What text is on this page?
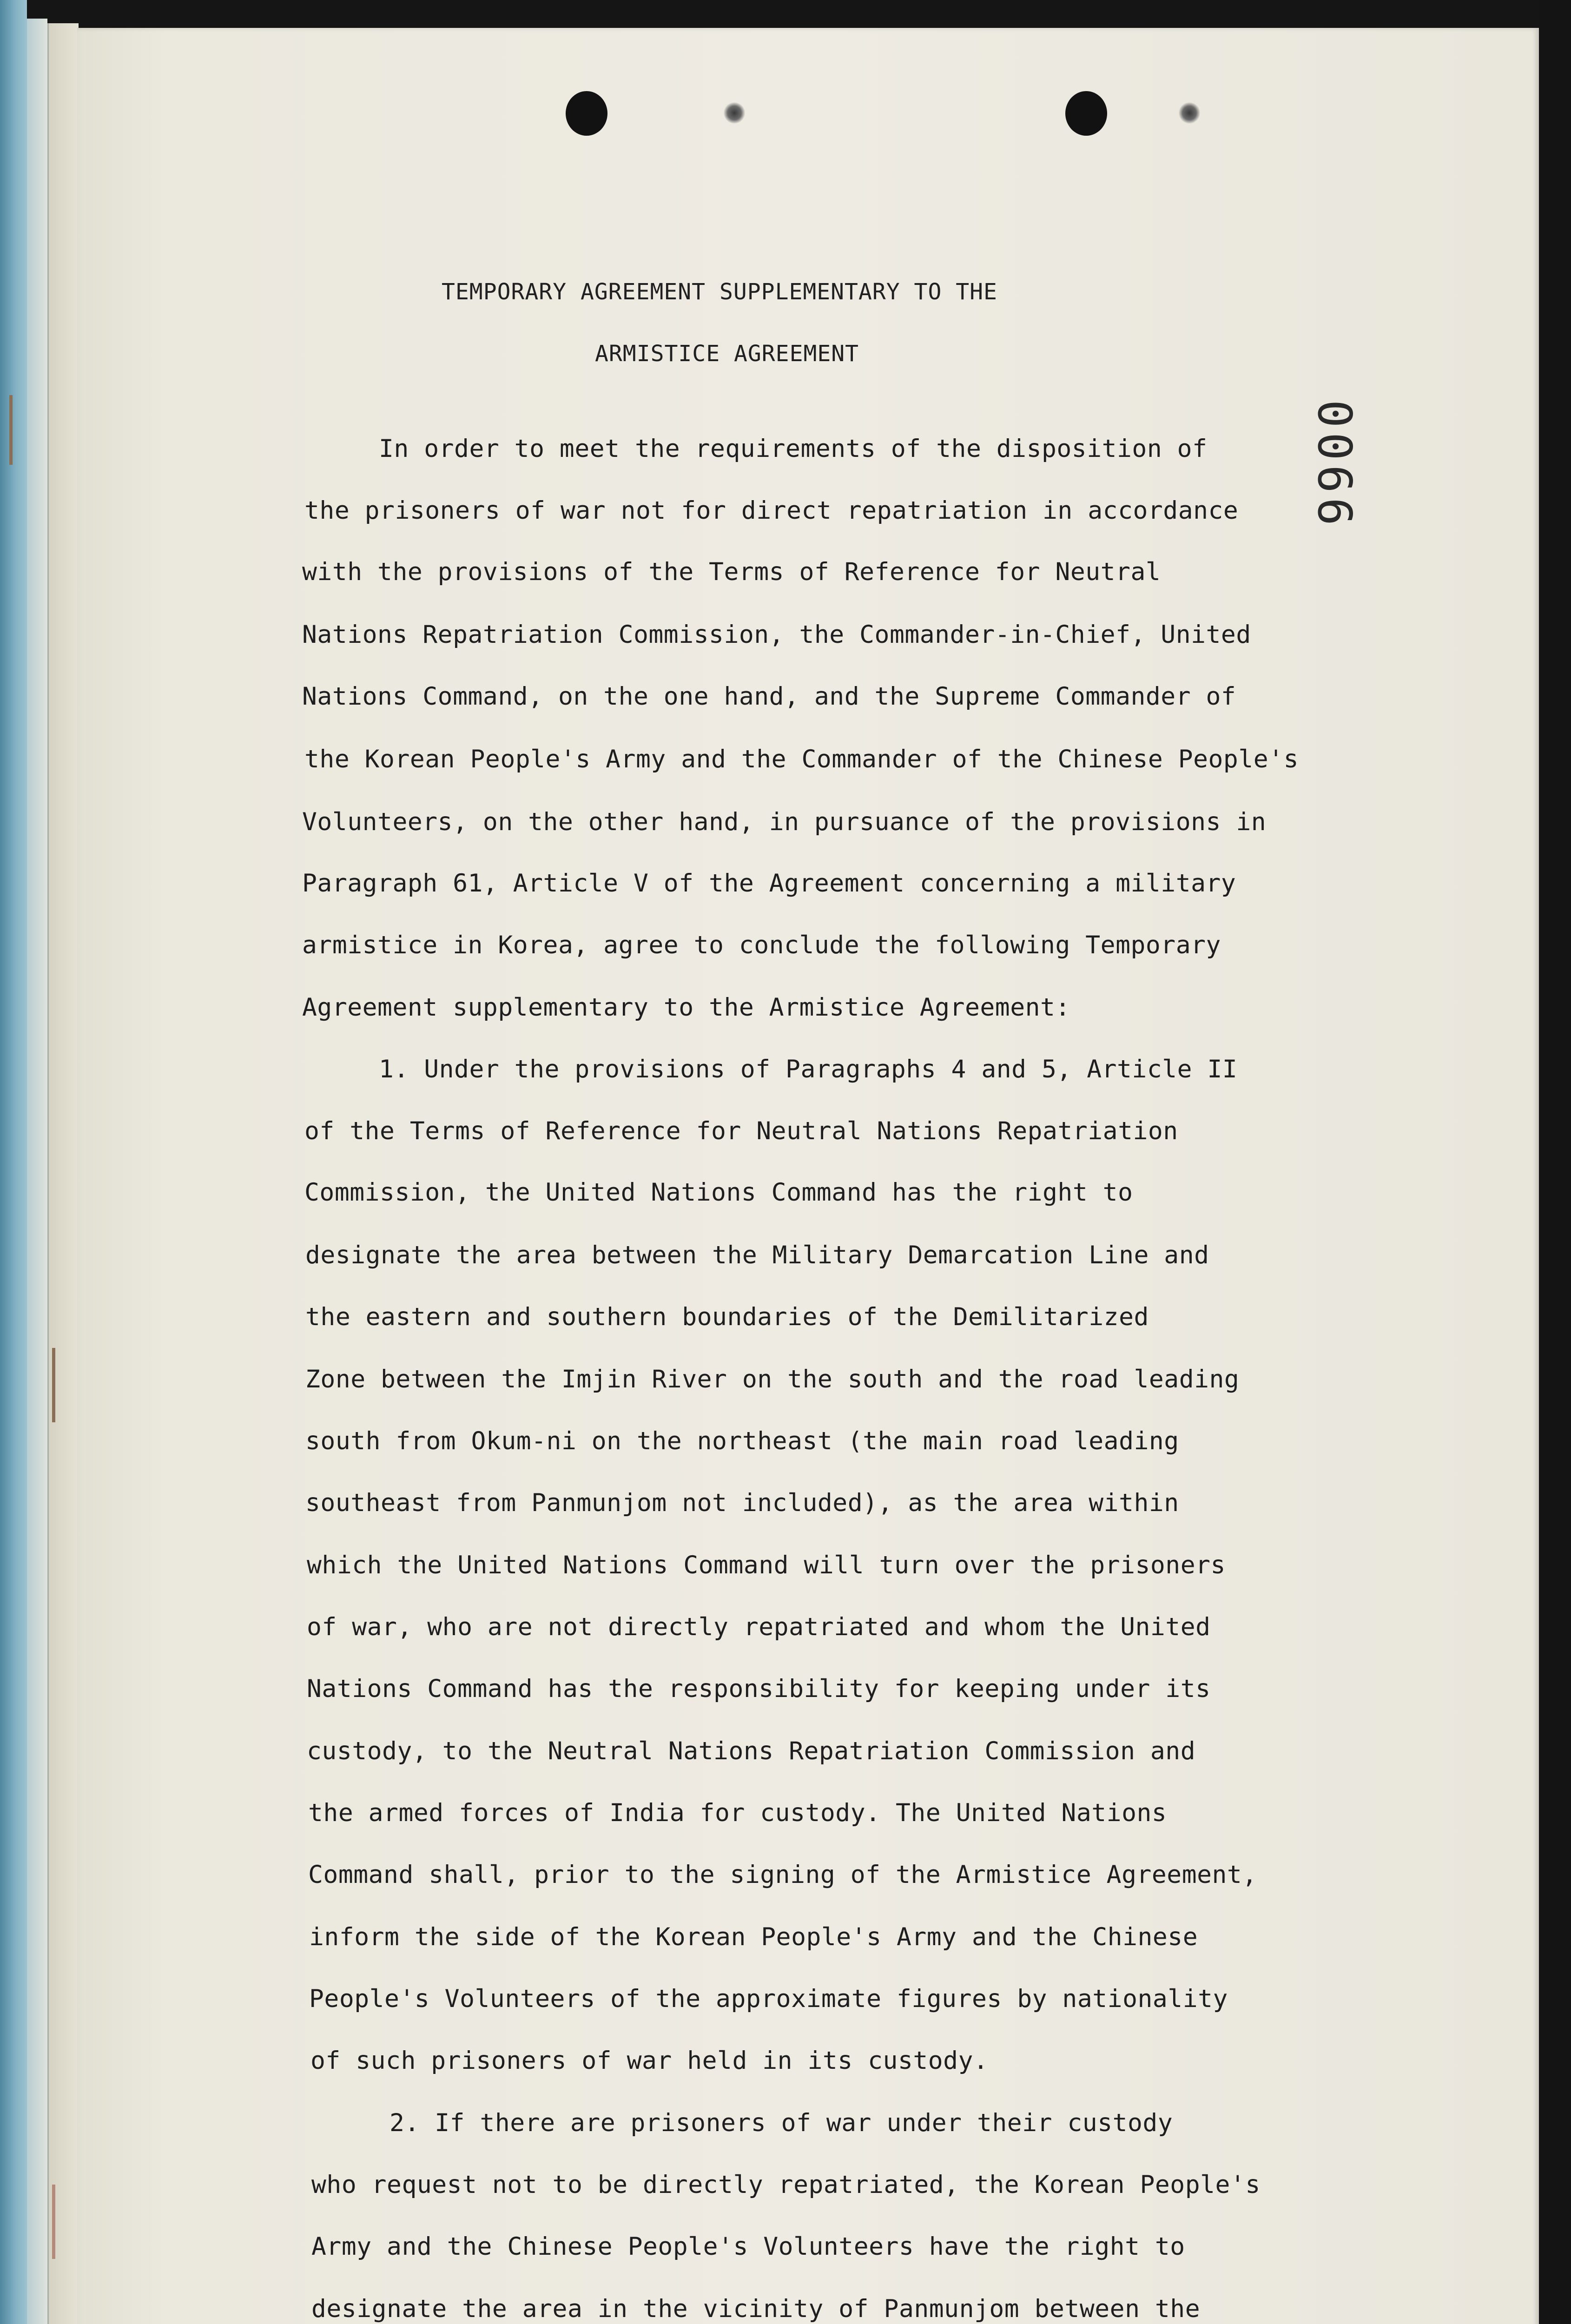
TEMPORARY AGREEMENT SUPPLEMENTARY TO THE
ARMISTICE AGREEMENT
0066
In order to meet the requirements of the disposition of
the prisoners of war not for direct repatriation in accordance
with the provisions of the Terms of Reference for Neutral
Nations Repatriation Commission, the Commander-in-Chief, United
Nations Command, on the one hand, and the Supreme Commander of
the Korean People's Army and the Commander of the Chinese People's
Volunteers, on the other hand, in pursuance of the provisions in
Paragraph 61, Article V of the Agreement concerning a military
armistice in Korea, agree to conclude the following Temporary
Agreement supplementary to the Armistice Agreement:
1. Under the provisions of Paragraphs 4 and 5, Article II
of the Terms of Reference for Neutral Nations Repatriation
Commission, the United Nations Command has the right to
designate the area between the Military Demarcation Line and
the eastern and southern boundaries of the Demilitarized
Zone between the Imjin River on the south and the road leading
south from Okum-ni on the northeast (the main road leading
southeast from Panmunjom not included), as the area within
which the United Nations Command will turn over the prisoners
of war, who are not directly repatriated and whom the United
Nations Command has the responsibility for keeping under its
custody, to the Neutral Nations Repatriation Commission and
the armed forces of India for custody. The United Nations
Command shall, prior to the signing of the Armistice Agreement,
inform the side of the Korean People's Army and the Chinese
People's Volunteers of the approximate figures by nationality
of such prisoners of war held in its custody.
2. If there are prisoners of war under their custody
who request not to be directly repatriated, the Korean People's
Army and the Chinese People's Volunteers have the right to
designate the area in the vicinity of Panmunjom between the
